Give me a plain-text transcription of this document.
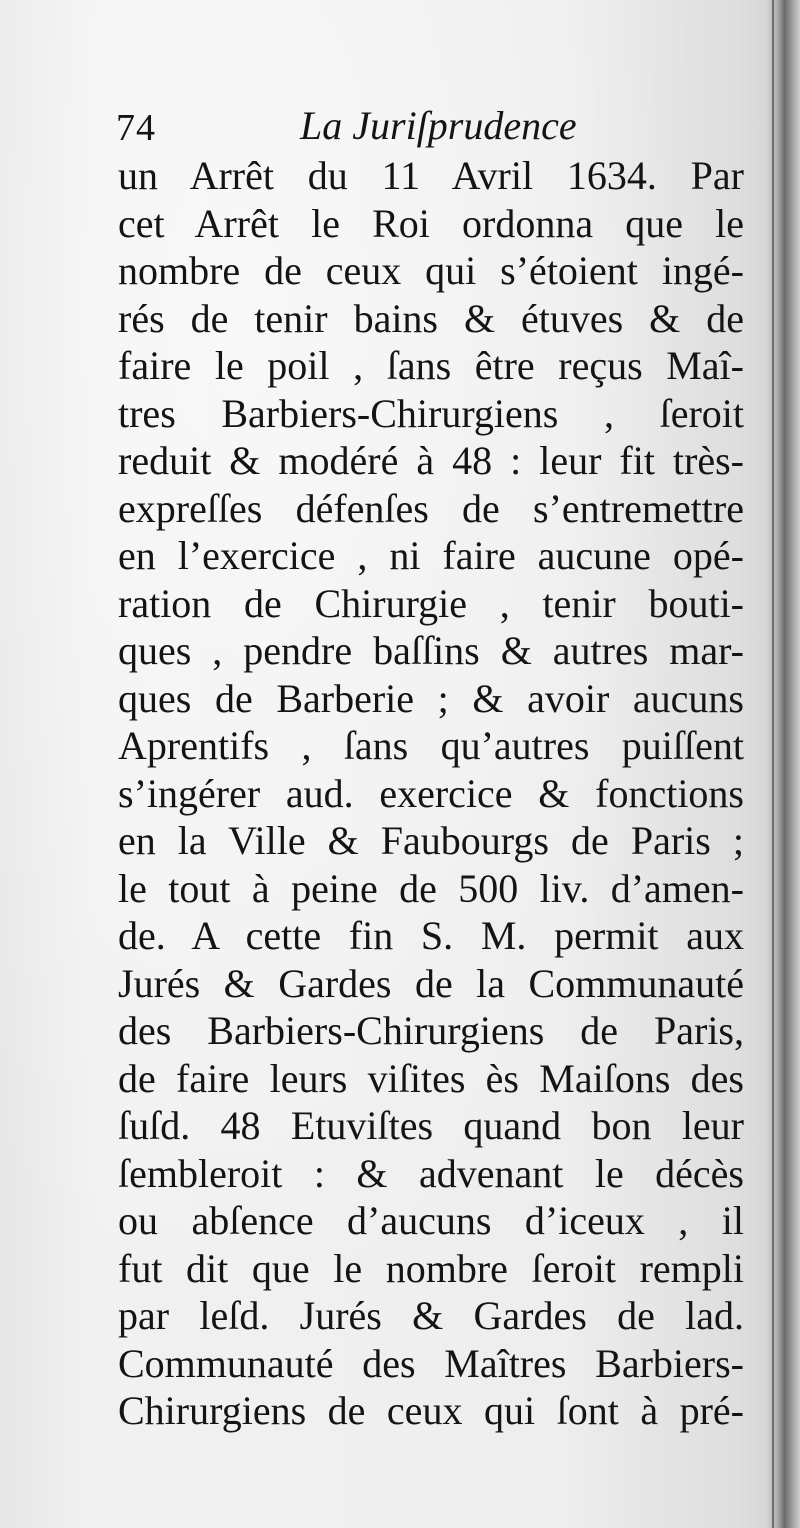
74	La Juriſprudence
un Arrêt du 11 Avril 1634. Par
cet Arrêt le Roi ordonna que le
nombre de ceux qui s’étoient ingé-
rés de tenir bains & étuves & de
faire le poil , ſans être reçus Maî-
tres Barbiers-Chirurgiens , ſeroit
reduit & modéré à 48 : leur fit très-
expreſſes défenſes de s’entremettre
en l’exercice , ni faire aucune opé-
ration de Chirurgie , tenir bouti-
ques , pendre baſſins & autres mar-
ques de Barberie ; & avoir aucuns
Aprentifs , ſans qu’autres puiſſent
s’ingérer aud. exercice & fonctions
en la Ville & Faubourgs de Paris ;
le tout à peine de 500 liv. d’amen-
de. A cette fin S. M. permit aux
Jurés & Gardes de la Communauté
des Barbiers-Chirurgiens de Paris,
de faire leurs viſites ès Maiſons des
ſuſd. 48 Etuviſtes quand bon leur
ſembleroit : & advenant le décès
ou abſence d’aucuns d’iceux , il
fut dit que le nombre ſeroit rempli
par leſd. Jurés & Gardes de lad.
Communauté des Maîtres Barbiers-
Chirurgiens de ceux qui ſont à pré-
